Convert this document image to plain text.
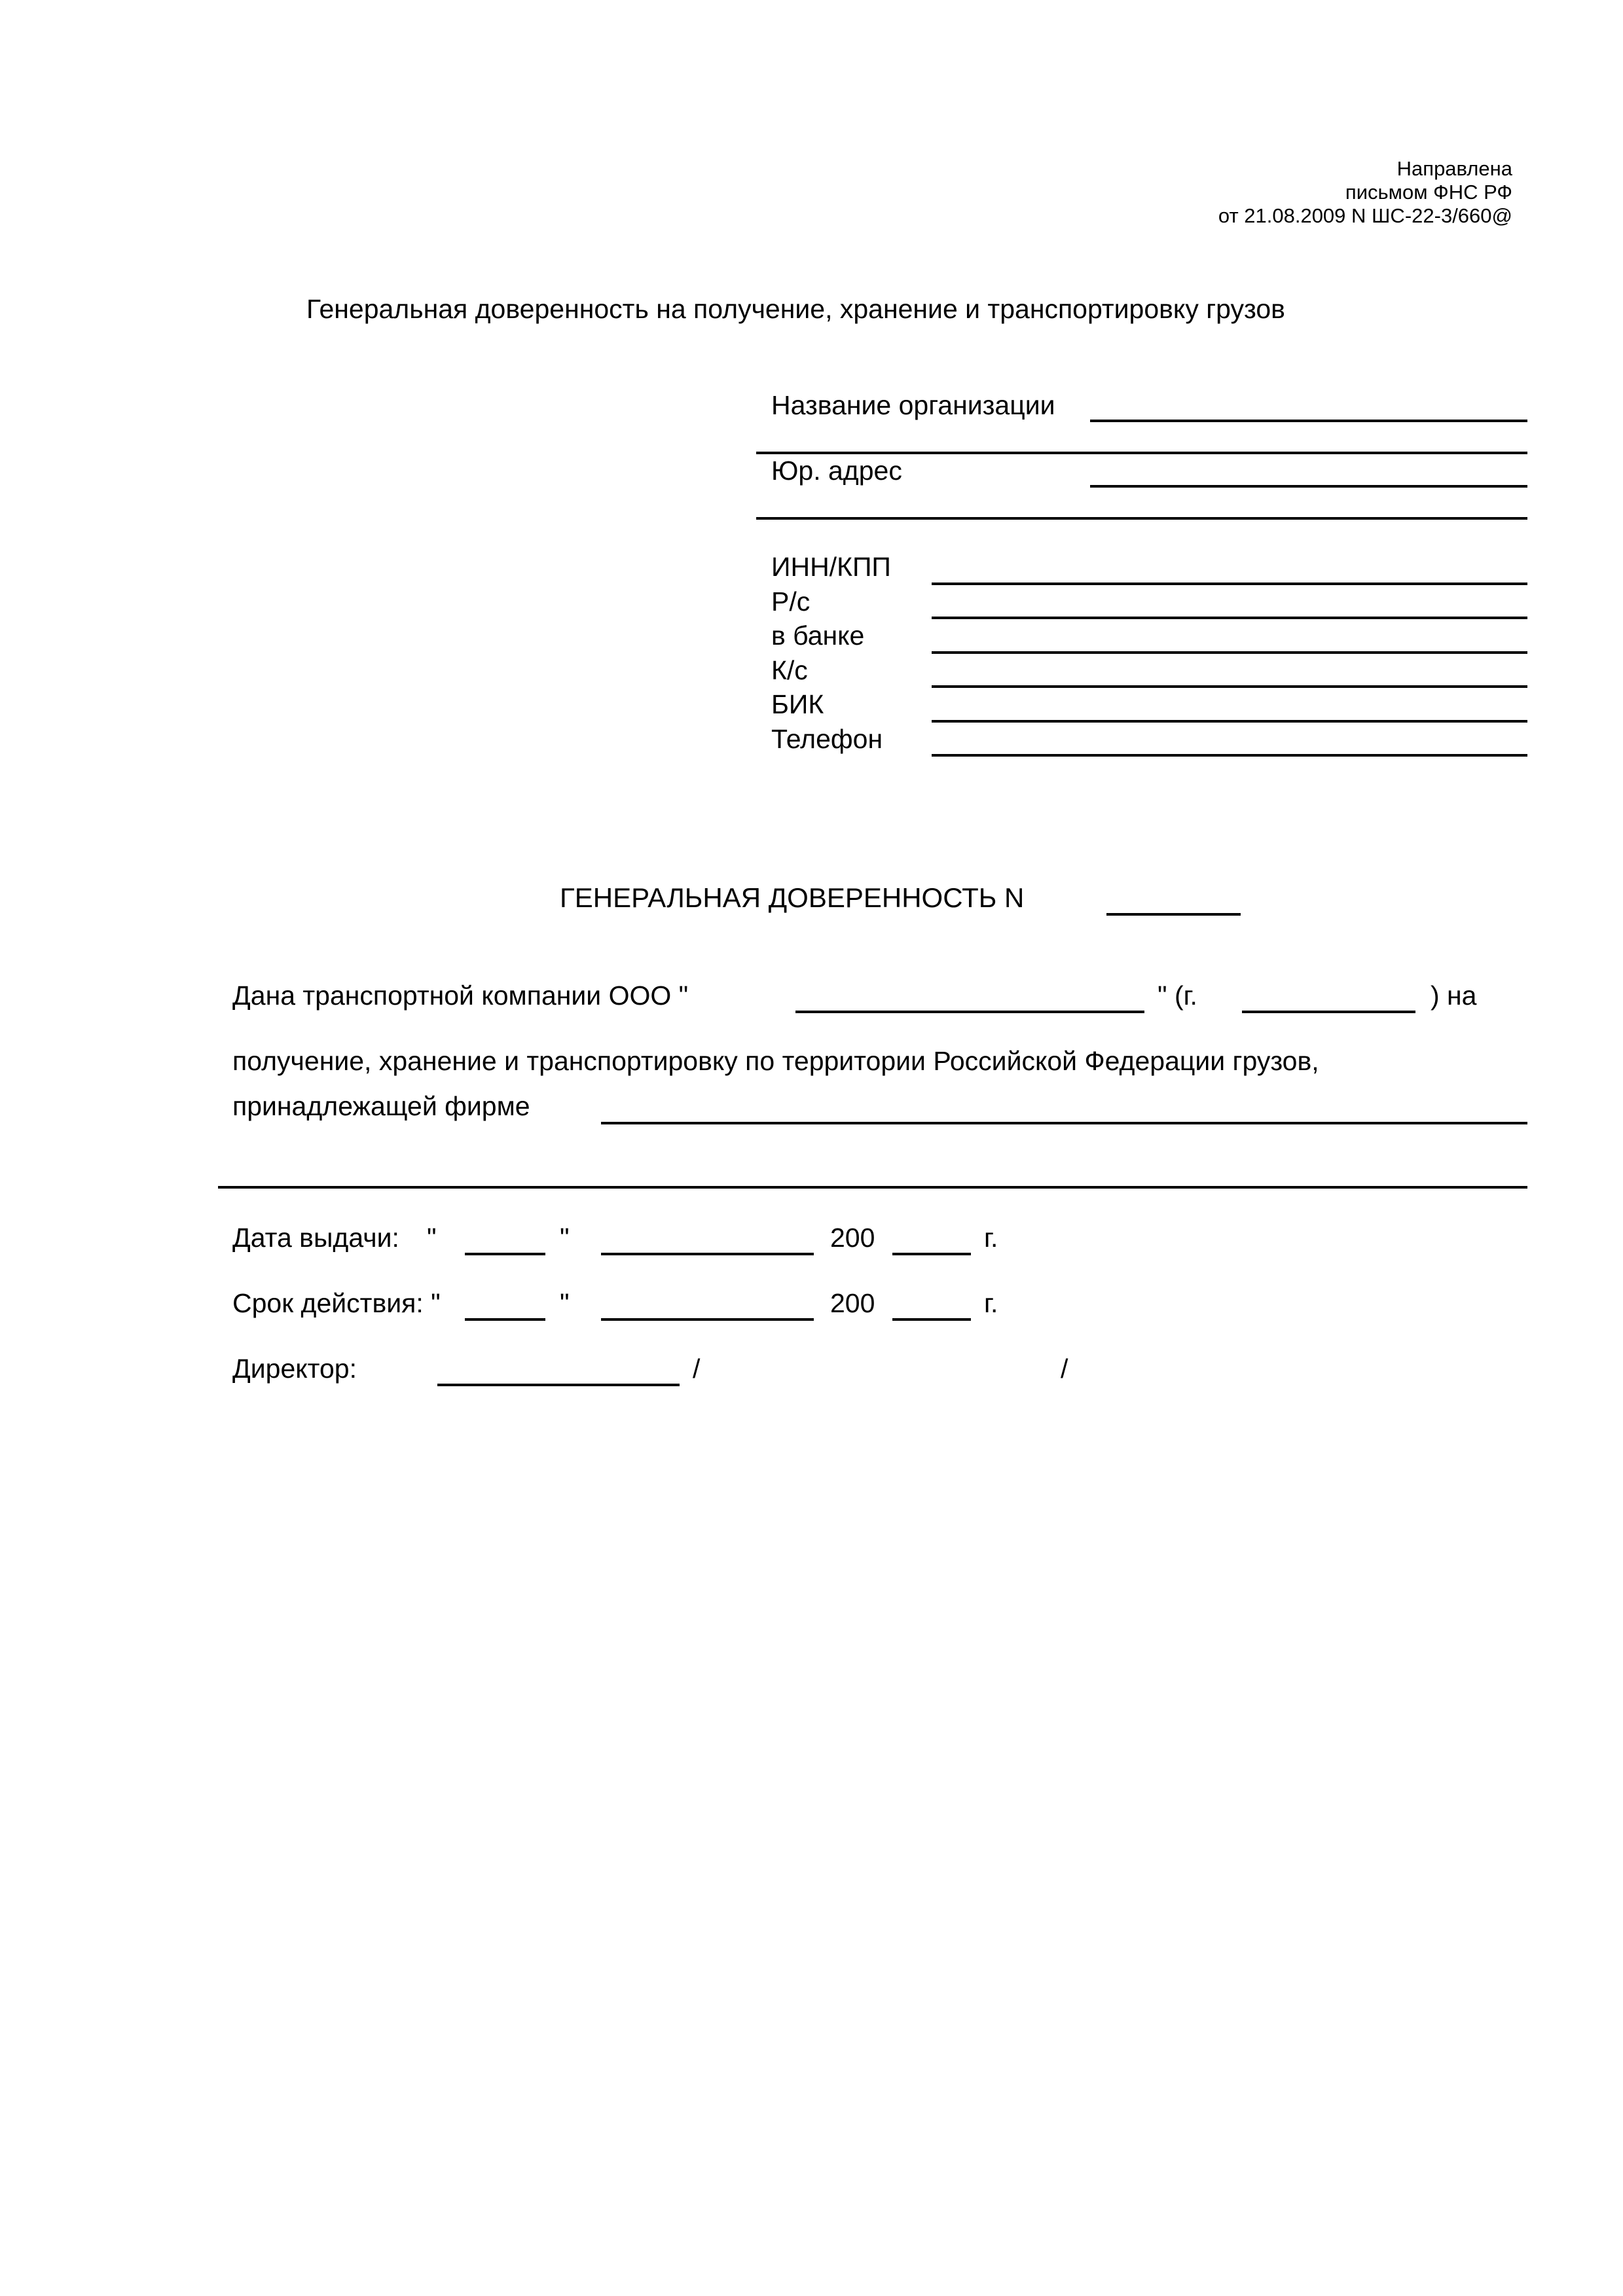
Направлена
письмом ФНС РФ
от 21.08.2009 N ШС-22-3/660@
Генеральная доверенность на получение, хранение и транспортировку грузов
Название организации
Юр. адрес
ИНН/КПП
Р/с
в банке
К/с
БИК
Телефон
ГЕНЕРАЛЬНАЯ ДОВЕРЕННОСТЬ N
Дана транспортной компании ООО "	" (г.	) на
получение, хранение и транспортировку по территории Российской Федерации грузов,
принадлежащей фирме
Дата выдачи: "	"	200	г.
Срок действия: "	"	200	г.
Директор:	/	/
